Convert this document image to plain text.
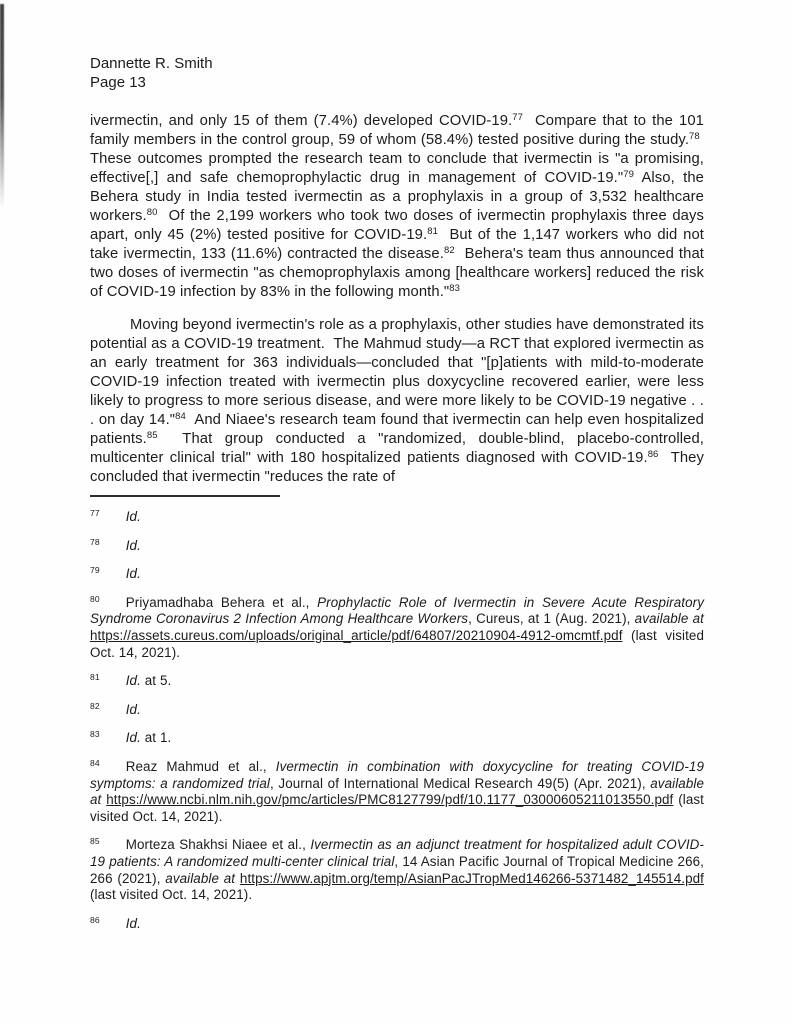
Dannette R. Smith
Page 13
ivermectin, and only 15 of them (7.4%) developed COVID-19.77  Compare that to the 101 family members in the control group, 59 of whom (58.4%) tested positive during the study.$^{78}$  These outcomes prompted the research team to conclude that ivermectin is "a promising, effective[,] and safe chemoprophylactic drug in management of COVID-19."$^{79}$ Also, the Behera study in India tested ivermectin as a prophylaxis in a group of 3,532 healthcare workers.$^{80}$  Of the 2,199 workers who took two doses of ivermectin prophylaxis three days apart, only 45 (2%) tested positive for COVID-19.81  But of the 1,147 workers who did not take ivermectin, 133 (11.6%) contracted the disease.$^{82}$  Behera's team thus announced that two doses of ivermectin "as chemoprophylaxis among [healthcare workers] reduced the risk of COVID-19 infection by 83% in the following month."$^{83}$
Moving beyond ivermectin's role as a prophylaxis, other studies have demonstrated its potential as a COVID-19 treatment.  The Mahmud study—a RCT that explored ivermectin as an early treatment for 363 individuals—concluded that "[p]atients with mild-to-moderate COVID-19 infection treated with ivermectin plus doxycycline recovered earlier, were less likely to progress to more serious disease, and were more likely to be COVID-19 negative . . . on day 14."$^{84}$  And Niaee's research team found that ivermectin can help even hospitalized patients.$^{85}$  That group conducted a "randomized, double-blind, placebo-controlled, multicenter clinical trial" with 180 hospitalized patients diagnosed with COVID-19.86  They concluded that ivermectin "reduces the rate of
$^{77}$ Id.
$^{78}$ Id.
$^{79}$ Id.
$^{80}$ Priyamadhaba Behera et al., Prophylactic Role of Ivermectin in Severe Acute Respiratory Syndrome Coronavirus 2 Infection Among Healthcare Workers, Cureus, at 1 (Aug. 2021), available at https://assets.cureus.com/uploads/original_article/pdf/64807/20210904-4912-omcmtf.pdf (last visited Oct. 14, 2021).
$^{81}$ Id. at 5.
$^{82}$ Id.
$^{83}$ Id. at 1.
$^{84}$ Reaz Mahmud et al., Ivermectin in combination with doxycycline for treating COVID-19 symptoms: a randomized trial, Journal of International Medical Research 49(5) (Apr. 2021), available at https://www.ncbi.nlm.nih.gov/pmc/articles/PMC8127799/pdf/10.1177_03000605211013550.pdf (last visited Oct. 14, 2021).
$^{85}$ Morteza Shakhsi Niaee et al., Ivermectin as an adjunct treatment for hospitalized adult COVID-19 patients: A randomized multi-center clinical trial, 14 Asian Pacific Journal of Tropical Medicine 266, 266 (2021), available at https://www.apjtm.org/temp/AsianPacJTropMed146266-5371482_145514.pdf (last visited Oct. 14, 2021).
$^{86}$ Id.
